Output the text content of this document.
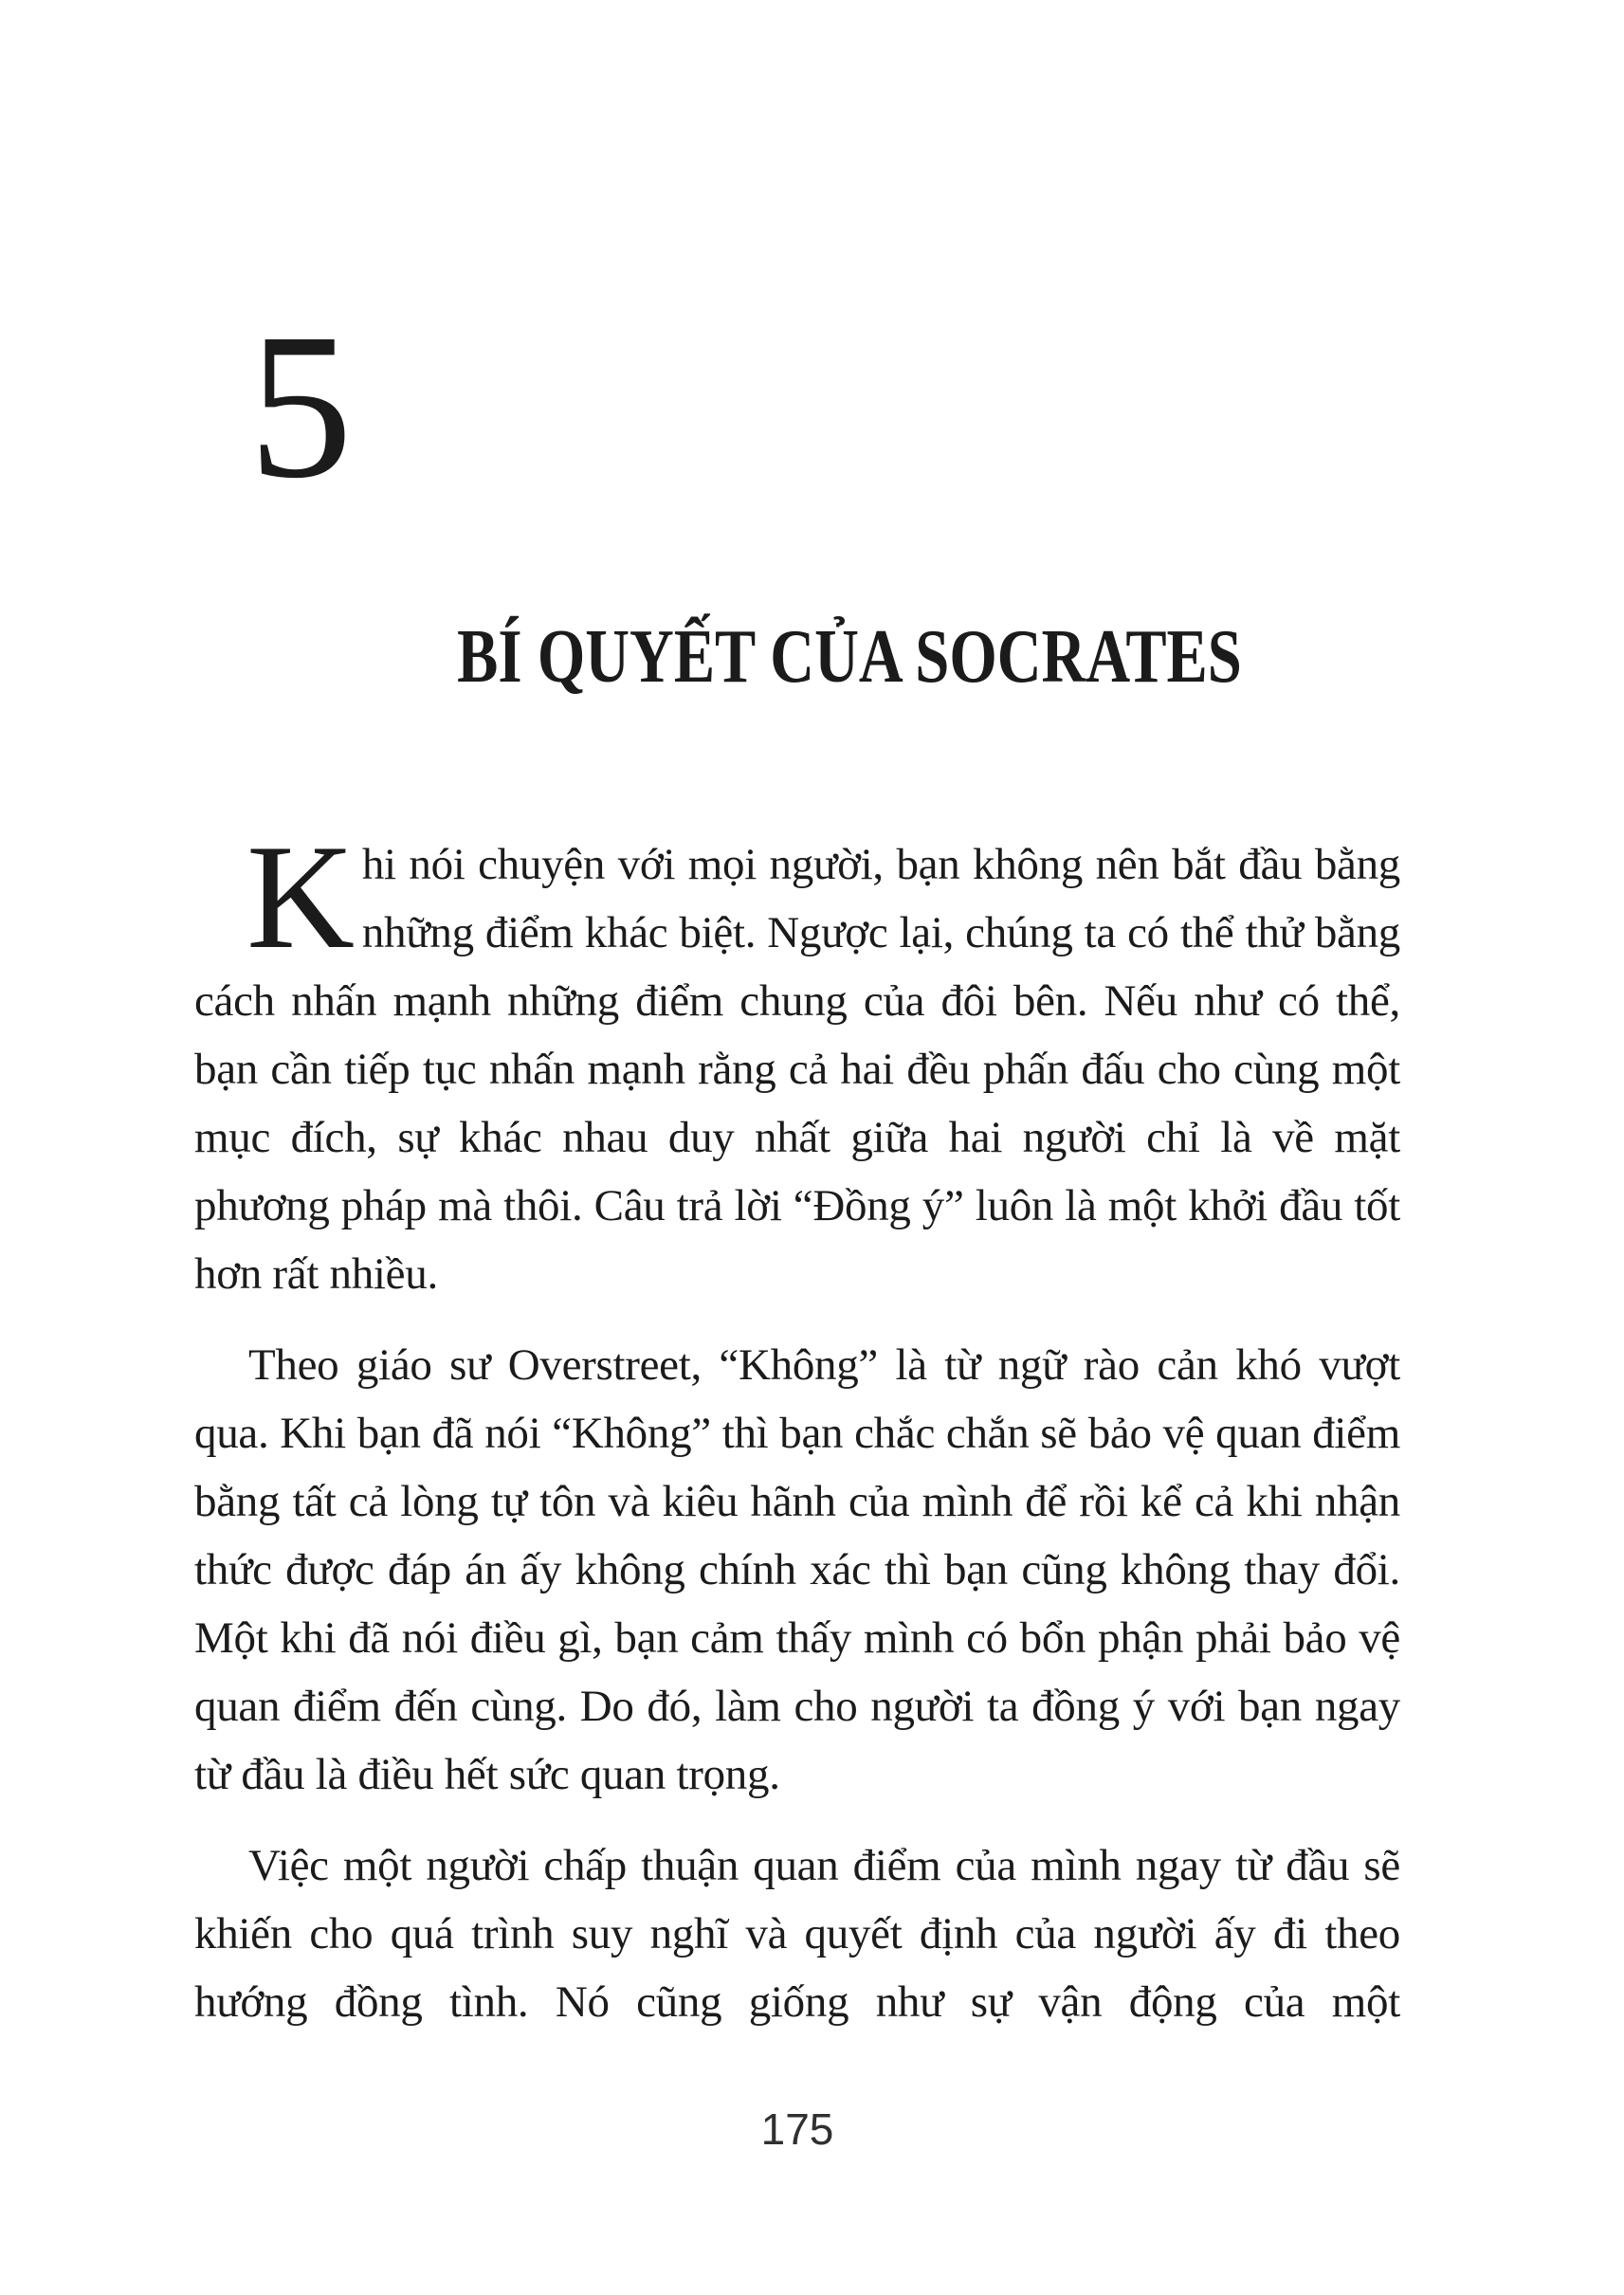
5
BÍ QUYẾT CỦA SOCRATES

Khi nói chuyện với mọi người, bạn không nên bắt đầu bằng những điểm khác biệt. Ngược lại, chúng ta có thể thử bằng cách nhấn mạnh những điểm chung của đôi bên. Nếu như có thể, bạn cần tiếp tục nhấn mạnh rằng cả hai đều phấn đấu cho cùng một mục đích, sự khác nhau duy nhất giữa hai người chỉ là về mặt phương pháp mà thôi. Câu trả lời “Đồng ý” luôn là một khởi đầu tốt hơn rất nhiều.

Theo giáo sư Overstreet, “Không” là từ ngữ rào cản khó vượt qua. Khi bạn đã nói “Không” thì bạn chắc chắn sẽ bảo vệ quan điểm bằng tất cả lòng tự tôn và kiêu hãnh của mình để rồi kể cả khi nhận thức được đáp án ấy không chính xác thì bạn cũng không thay đổi. Một khi đã nói điều gì, bạn cảm thấy mình có bổn phận phải bảo vệ quan điểm đến cùng. Do đó, làm cho người ta đồng ý với bạn ngay từ đầu là điều hết sức quan trọng.

Việc một người chấp thuận quan điểm của mình ngay từ đầu sẽ khiến cho quá trình suy nghĩ và quyết định của người ấy đi theo hướng đồng tình. Nó cũng giống như sự vận động của một

175
